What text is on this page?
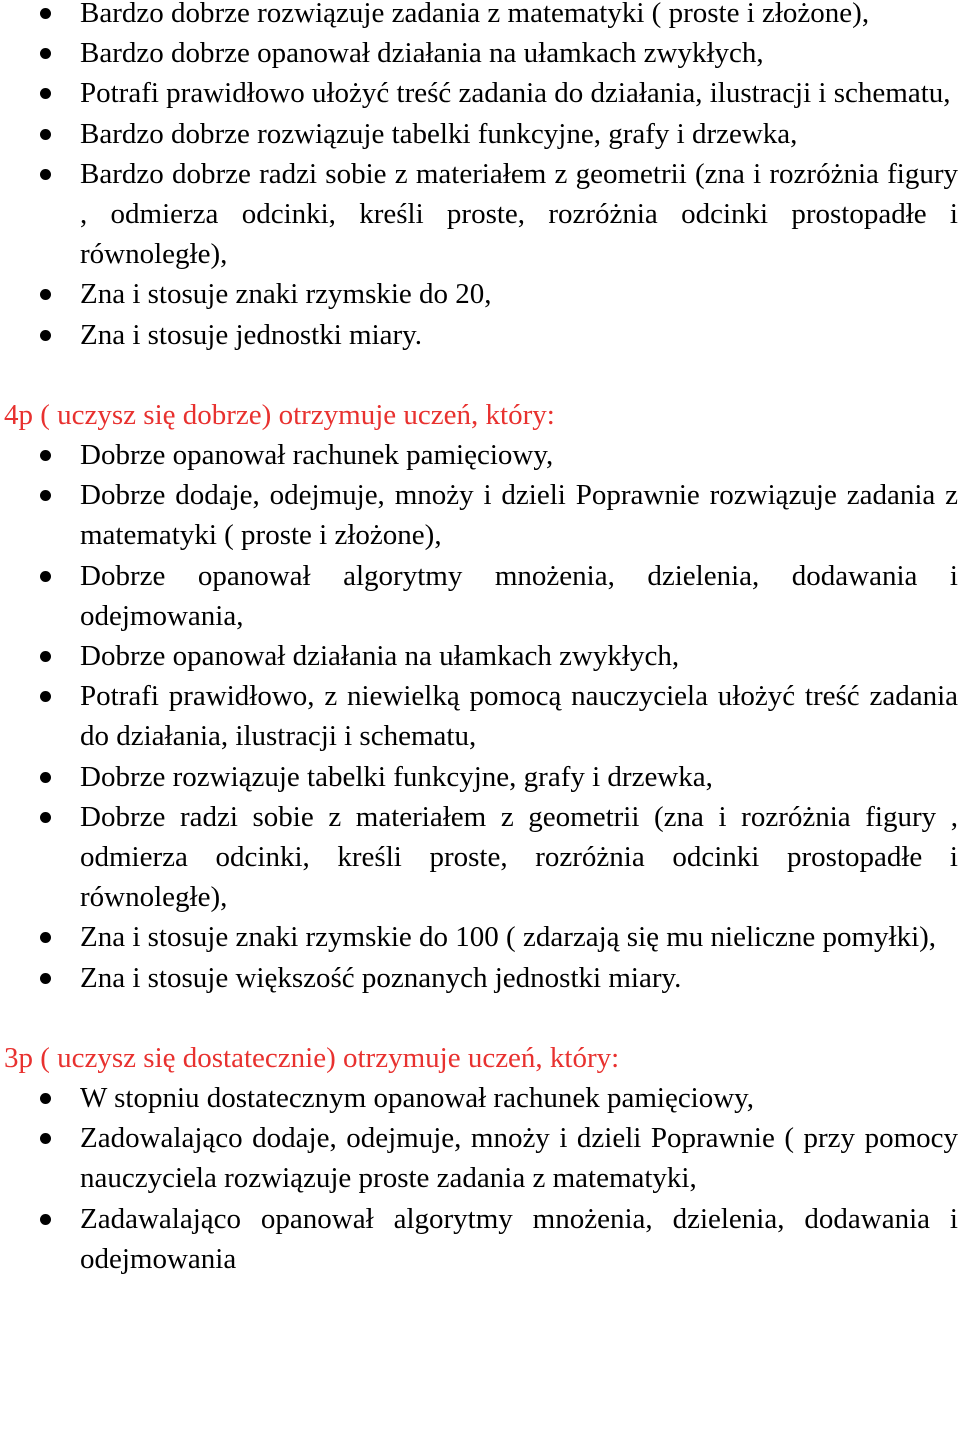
Bardzo dobrze rozwiązuje zadania z matematyki ( proste i złożone),
Bardzo dobrze opanował działania na ułamkach zwykłych,
Potrafi prawidłowo ułożyć treść zadania do działania, ilustracji i schematu,
Bardzo dobrze rozwiązuje tabelki funkcyjne, grafy i drzewka,
Bardzo dobrze radzi sobie z materiałem z geometrii (zna i rozróżnia figury , odmierza odcinki, kreśli proste, rozróżnia odcinki prostopadłe i równoległe),
Zna i stosuje znaki rzymskie do 20,
Zna i stosuje jednostki miary.
4p ( uczysz się dobrze) otrzymuje uczeń, który:
Dobrze opanował rachunek pamięciowy,
Dobrze dodaje, odejmuje, mnoży i dzieli Poprawnie rozwiązuje zadania z matematyki ( proste i złożone),
Dobrze opanował algorytmy mnożenia, dzielenia, dodawania i odejmowania,
Dobrze opanował działania na ułamkach zwykłych,
Potrafi prawidłowo, z niewielką pomocą nauczyciela ułożyć treść zadania do działania, ilustracji i schematu,
Dobrze rozwiązuje tabelki funkcyjne, grafy i drzewka,
Dobrze radzi sobie z materiałem z geometrii (zna i rozróżnia figury , odmierza odcinki, kreśli proste, rozróżnia odcinki prostopadłe i równoległe),
Zna i stosuje znaki rzymskie do 100 ( zdarzają się mu nieliczne pomyłki),
Zna i stosuje większość poznanych jednostki miary.
3p ( uczysz się dostatecznie) otrzymuje uczeń, który:
W stopniu dostatecznym opanował rachunek pamięciowy,
Zadowalająco dodaje, odejmuje, mnoży i dzieli Poprawnie ( przy pomocy nauczyciela rozwiązuje proste zadania z matematyki,
Zadawalająco opanował algorytmy mnożenia, dzielenia, dodawania i odejmowania
